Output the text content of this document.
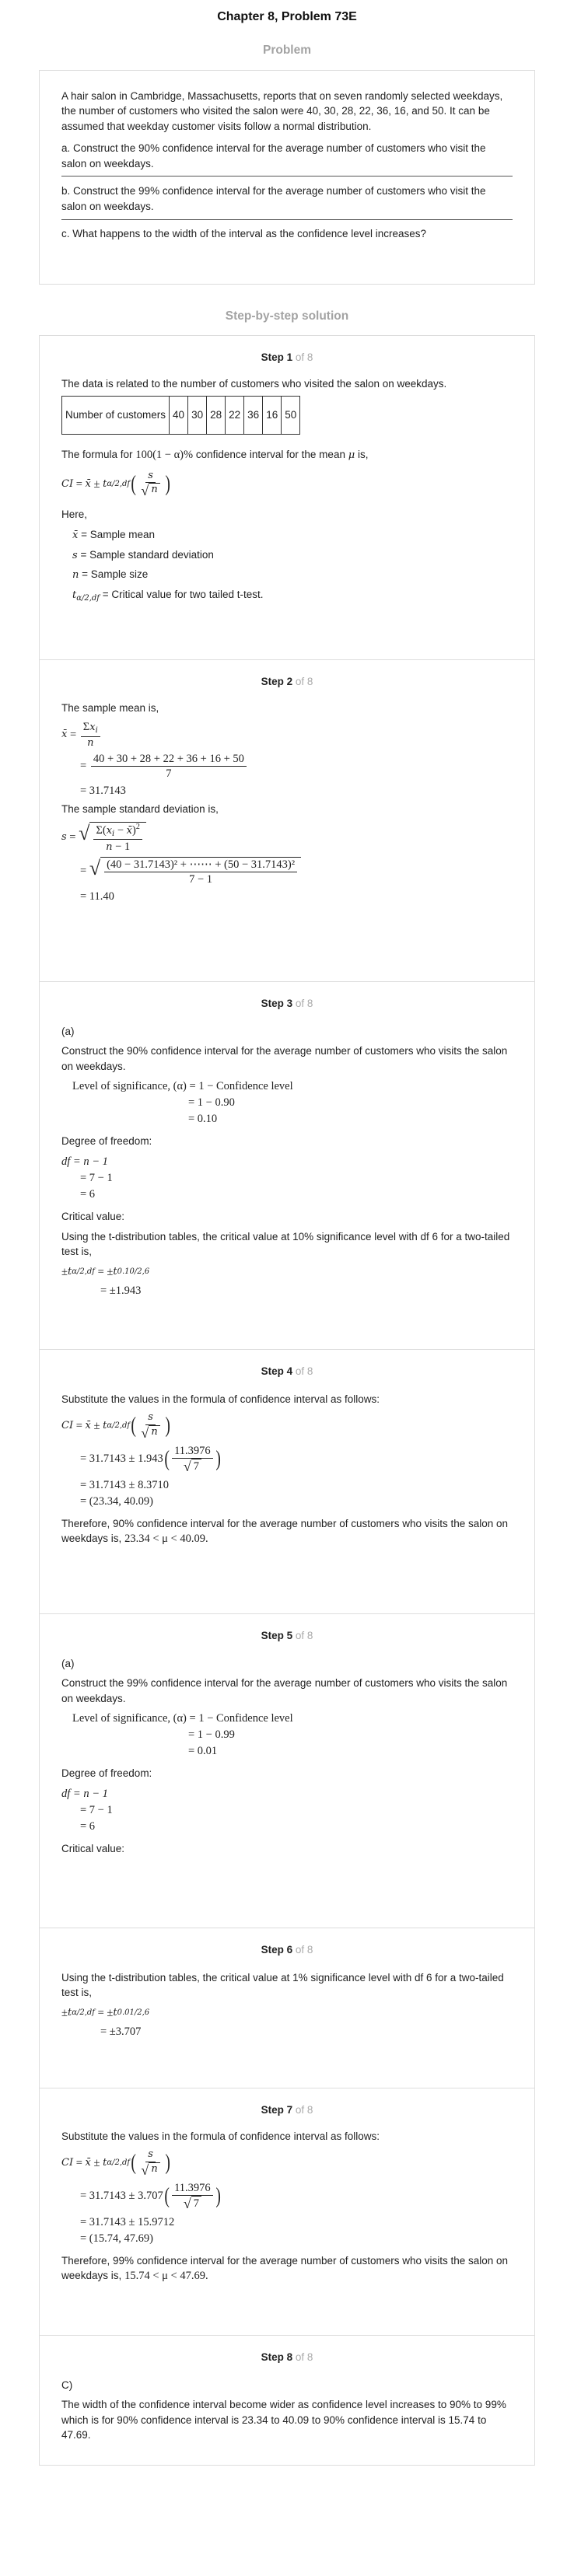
Chapter 8, Problem 73E
Problem

A hair salon in Cambridge, Massachusetts, reports that on seven randomly selected weekdays, the number of customers who visited the salon were 40, 30, 28, 22, 36, 16, and 50. It can be assumed that weekday customer visits follow a normal distribution.

a. Construct the 90% confidence interval for the average number of customers who visit the salon on weekdays.

b. Construct the 99% confidence interval for the average number of customers who visit the salon on weekdays.

c. What happens to the width of the interval as the confidence level increases?

Step-by-step solution
Step 1 of 8

The data is related to the number of customers who visited the salon on weekdays.

Number of customers	40	30	28	22	36	16	50

The formula for 100(1 − α)% confidence interval for the mean μ is,

CI = x̄ ± t α/2,df ( $\frac{s}{√ n}$ )

Here,

x̄ = Sample mean
s = Sample standard deviation
n = Sample size
$t_{\alpha/2,df}$ = Critical value for two tailed t-test.
Step 2 of 8

The sample mean is,

x̄ = $\frac{\Sigma x_i}{n}$
= $\frac{40 + 30 + 28 + 22 + 36 + 16 + 50}{7}$
= 31.7143

The sample standard deviation is,

s = √ $\frac{\Sigma(x_i - x̄)^2}{n - 1}$
= √ $\frac{\text{(40 − 31.7143)² + ⋯⋯ + (50 − 31.7143)²}}{7 - 1}$
= 11.40
Step 3 of 8

(a)

Construct the 90% confidence interval for the average number of customers who visits the salon on weekdays.

Level of significance, (α) = 1 − Confidence level
= 1 − 0.90
= 0.10

Degree of freedom:

df = n − 1
= 7 − 1
= 6

Critical value:

Using the t-distribution tables, the critical value at 10% significance level with df 6 for a two-tailed test is,

± t α/2,df = ± t 0.10/2,6
= ±1.943
Step 4 of 8

Substitute the values in the formula of confidence interval as follows:

CI = x̄ ± t α/2,df ( $\frac{s}{√ n}$ )
= 31.7143 ± 1.943 ( $\frac{11.3976}{√ 7}$ )
= 31.7143 ± 8.3710
= (23.34, 40.09)

Therefore, 90% confidence interval for the average number of customers who visits the salon on weekdays is, 23.34 < μ < 40.09.

Step 5 of 8

(a)

Construct the 99% confidence interval for the average number of customers who visits the salon on weekdays.

Level of significance, (α) = 1 − Confidence level
= 1 − 0.99
= 0.01

Degree of freedom:

df = n − 1
= 7 − 1
= 6

Critical value:

Step 6 of 8

Using the t-distribution tables, the critical value at 1% significance level with df 6 for a two-tailed test is,

± t α/2,df = ± t 0.01/2,6
= ±3.707
Step 7 of 8

Substitute the values in the formula of confidence interval as follows:

CI = x̄ ± t α/2,df ( $\frac{s}{√ n}$ )
= 31.7143 ± 3.707 ( $\frac{11.3976}{√ 7}$ )
= 31.7143 ± 15.9712
= (15.74, 47.69)

Therefore, 99% confidence interval for the average number of customers who visits the salon on weekdays is, 15.74 < μ < 47.69.

Step 8 of 8

C)

The width of the confidence interval become wider as confidence level increases to 90% to 99% which is for 90% confidence interval is 23.34 to 40.09 to 90% confidence interval is 15.74 to 47.69.
